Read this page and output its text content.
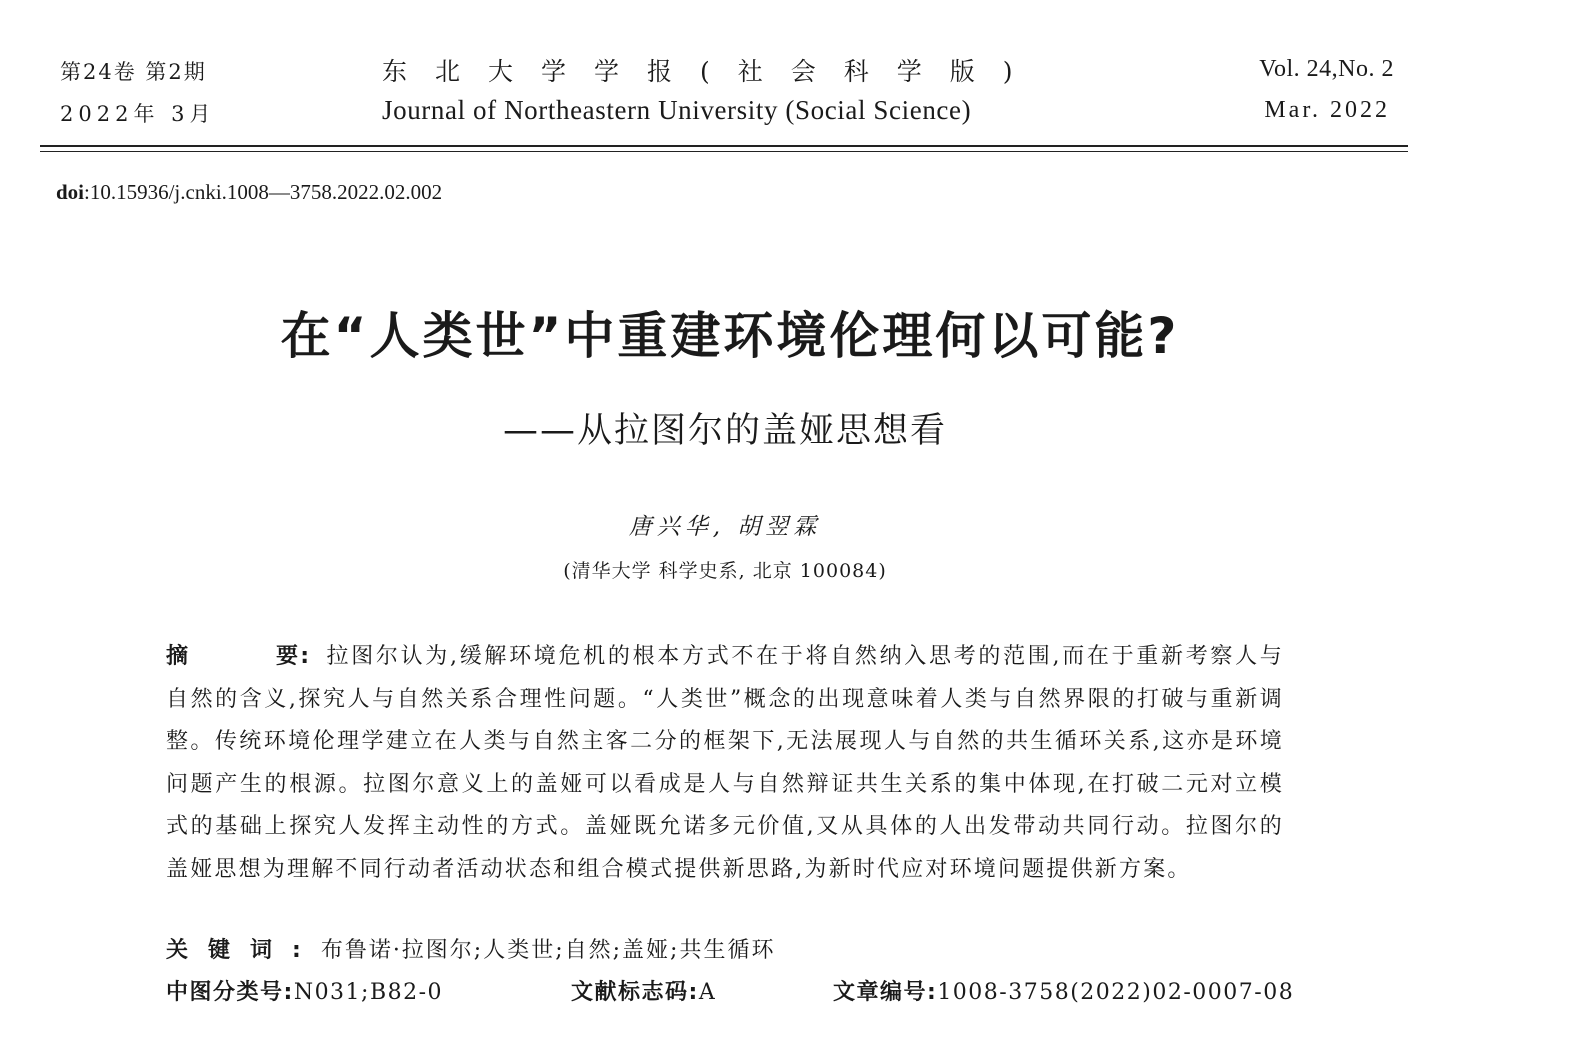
第24卷 第2期
2022年 3月
东北大学学报(社会科学版)
Journal of Northeastern University (Social Science)
Vol. 24,No. 2
Mar. 2022
doi:10.15936/j.cnki.1008—3758.2022.02.002
在“人类世”中重建环境伦理何以可能?
——从拉图尔的盖娅思想看
唐兴华, 胡翌霖
(清华大学 科学史系, 北京 100084)
摘	要: 拉图尔认为,缓解环境危机的根本方式不在于将自然纳入思考的范围,而在于重新考察人与自然的含义,探究人与自然关系合理性问题。“人类世”概念的出现意味着人类与自然界限的打破与重新调整。传统环境伦理学建立在人类与自然主客二分的框架下,无法展现人与自然的共生循环关系,这亦是环境问题产生的根源。拉图尔意义上的盖娅可以看成是人与自然辩证共生关系的集中体现,在打破二元对立模式的基础上探究人发挥主动性的方式。盖娅既允诺多元价值,又从具体的人出发带动共同行动。拉图尔的盖娅思想为理解不同行动者活动状态和组合模式提供新思路,为新时代应对环境问题提供新方案。
关键词:布鲁诺·拉图尔;人类世;自然;盖娅;共生循环
中图分类号:N031;B82-0	文献标志码:A	文章编号:1008-3758(2022)02-0007-08
